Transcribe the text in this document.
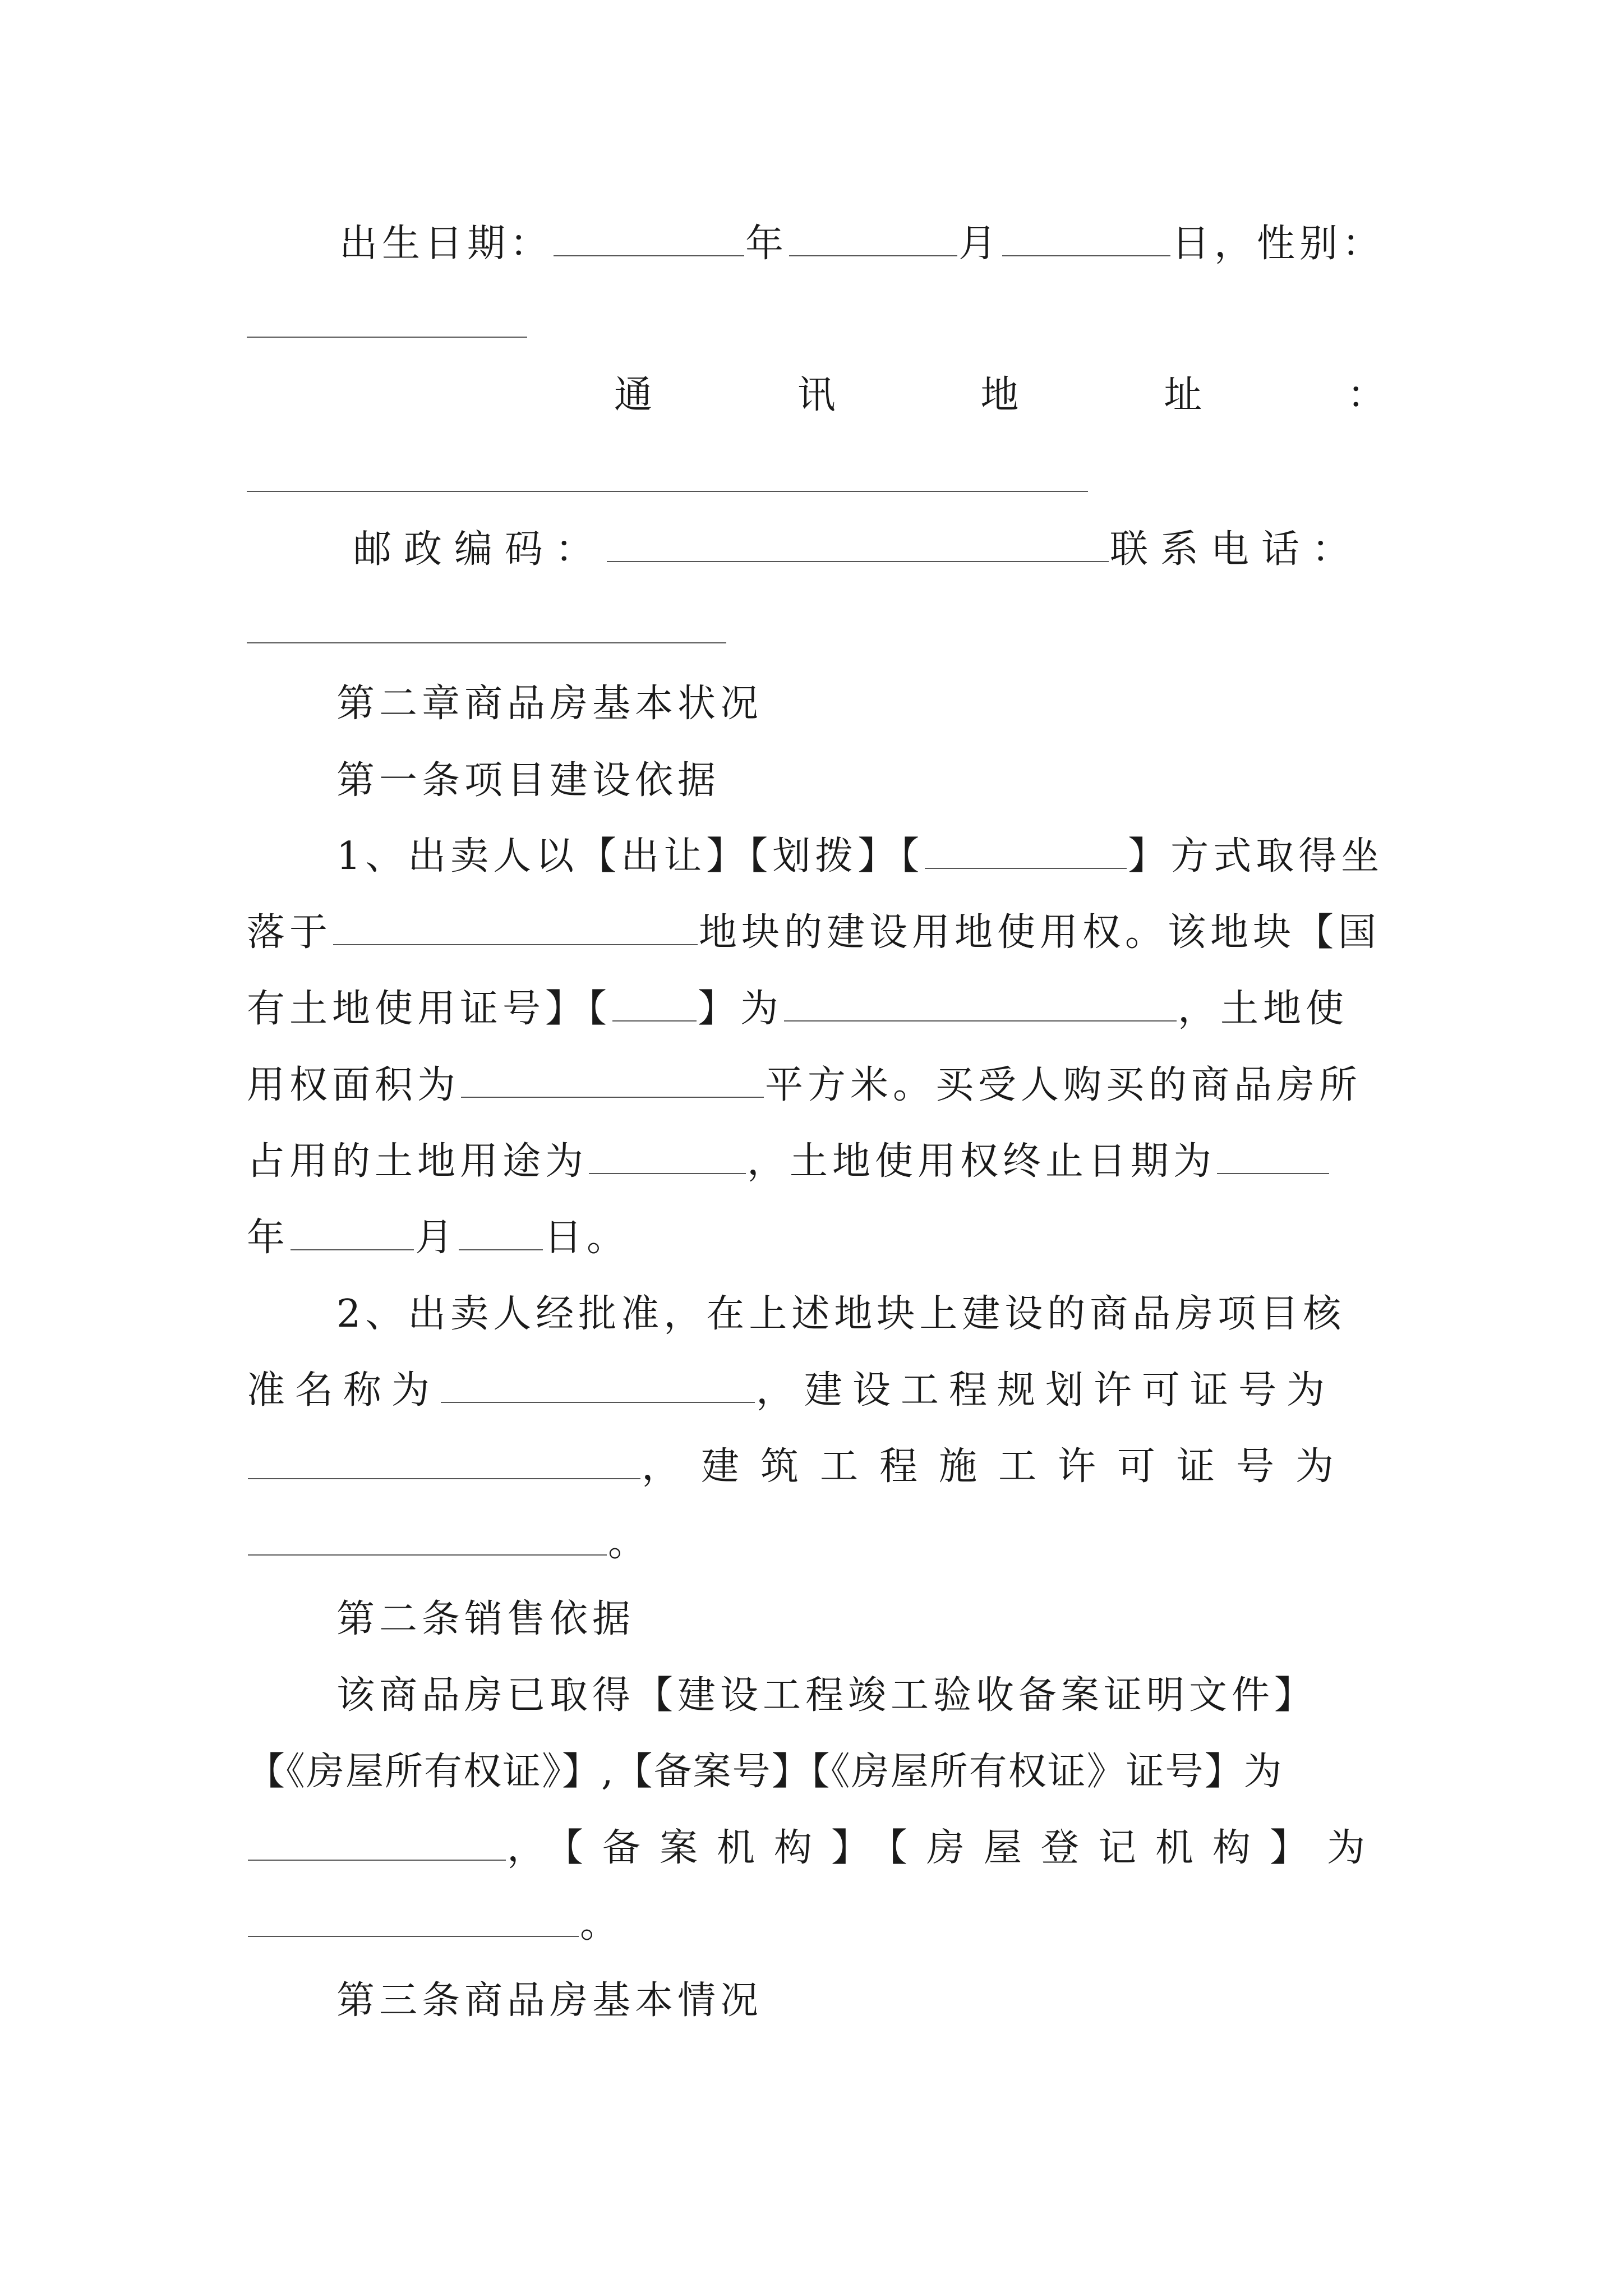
出生日期：	年	月	日，性别：
通	讯	地	址	：
邮政编码：	联系电话：
第二章商品房基本状况
第一条项目建设依据
1、出卖人以【出让】【划拨】【	】方式取得坐
落于	地块的建设用地使用权。该地块【国
有土地使用证号】【 】为	，土地使
用权面积为	平方米。买受人购买的商品房所
占用的土地用途为	，土地使用权终止日期为
年	月 日。
2、出卖人经批准，在上述地块上建设的商品房项目核
准名称为	，建设工程规划许可证号为
，建筑工程施工许可证号为
。
第二条销售依据
该商品房已取得【建设工程竣工验收备案证明文件】
【《房屋所有权证》】,【备案号】【《房屋所有权证》证号】为
，【备案机构】【房屋登记机构】为
。
第三条商品房基本情况
